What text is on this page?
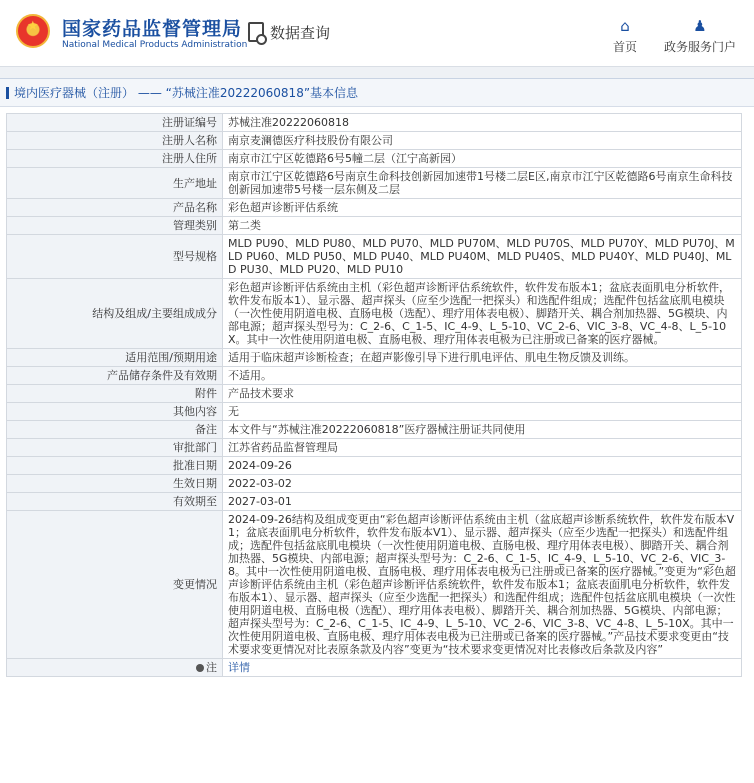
★ 国家药品监督管理局
National Medical Products Administration
数据查询	⌂
首页
♟
政务服务门户
境内医疗器械（注册） —— “苏械注准20222060818”基本信息
注册证编号	苏械注准20222060818
注册人名称	南京麦澜德医疗科技股份有限公司
注册人住所	南京市江宁区乾德路6号5幢二层（江宁高新园）
生产地址	南京市江宁区乾德路6号南京生命科技创新园加速带1号楼二层E区,南京市江宁区乾德路6号南京生命科技创新园加速带5号楼一层东侧及二层
产品名称	彩色超声诊断评估系统
管理类别	第二类
型号规格	MLD PU90、MLD PU80、MLD PU70、MLD PU70M、MLD PU70S、MLD PU70Y、MLD PU70J、MLD PU60、MLD PU50、MLD PU40、MLD PU40M、MLD PU40S、MLD PU40Y、MLD PU40J、MLD PU30、MLD PU20、MLD PU10
结构及组成/主要组成成分	彩色超声诊断评估系统由主机（彩色超声诊断评估系统软件，软件发布版本1；盆底表面肌电分析软件，软件发布版本1）、显示器、超声探头（应至少选配一把探头）和选配件组成；选配件包括盆底肌电模块（一次性使用阴道电极、直肠电极（选配）、理疗用体表电极）、脚踏开关、耦合剂加热器、5G模块、内部电源；超声探头型号为：C_2-6、C_1-5、IC_4-9、L_5-10、VC_2-6、VIC_3-8、VC_4-8、L_5-10X。其中一次性使用阴道电极、直肠电极、理疗用体表电极为已注册或已备案的医疗器械。
适用范围/预期用途	适用于临床超声诊断检查；在超声影像引导下进行肌电评估、肌电生物反馈及训练。
产品储存条件及有效期	不适用。
附件	产品技术要求
其他内容	无
备注	本文件与“苏械注准20222060818”医疗器械注册证共同使用
审批部门	江苏省药品监督管理局
批准日期	2024-09-26
生效日期	2022-03-02
有效期至	2027-03-01
变更情况	2024-09-26结构及组成变更由“彩色超声诊断评估系统由主机（盆底超声诊断系统软件，软件发布版本V1；盆底表面肌电分析软件，软件发布版本V1）、显示器、超声探头（应至少选配一把探头）和选配件组成；选配件包括盆底肌电模块（一次性使用阴道电极、直肠电极、理疗用体表电极）、脚踏开关、耦合剂加热器、5G模块、内部电源；超声探头型号为：C_2-6、C_1-5、IC_4-9、L_5-10、VC_2-6、VIC_3-8。其中一次性使用阴道电极、直肠电极、理疗用体表电极为已注册或已备案的医疗器械。”变更为“彩色超声诊断评估系统由主机（彩色超声诊断评估系统软件，软件发布版本1；盆底表面肌电分析软件，软件发布版本1）、显示器、超声探头（应至少选配一把探头）和选配件组成；选配件包括盆底肌电模块（一次性使用阴道电极、直肠电极（选配）、理疗用体表电极）、脚踏开关、耦合剂加热器、5G模块、内部电源；超声探头型号为：C_2-6、C_1-5、IC_4-9、L_5-10、VC_2-6、VIC_3-8、VC_4-8、L_5-10X。其中一次性使用阴道电极、直肠电极、理疗用体表电极为已注册或已备案的医疗器械。”产品技术要求变更由“技术要求变更情况对比表原条款及内容”变更为“技术要求变更情况对比表修改后条款及内容”
注	详情
